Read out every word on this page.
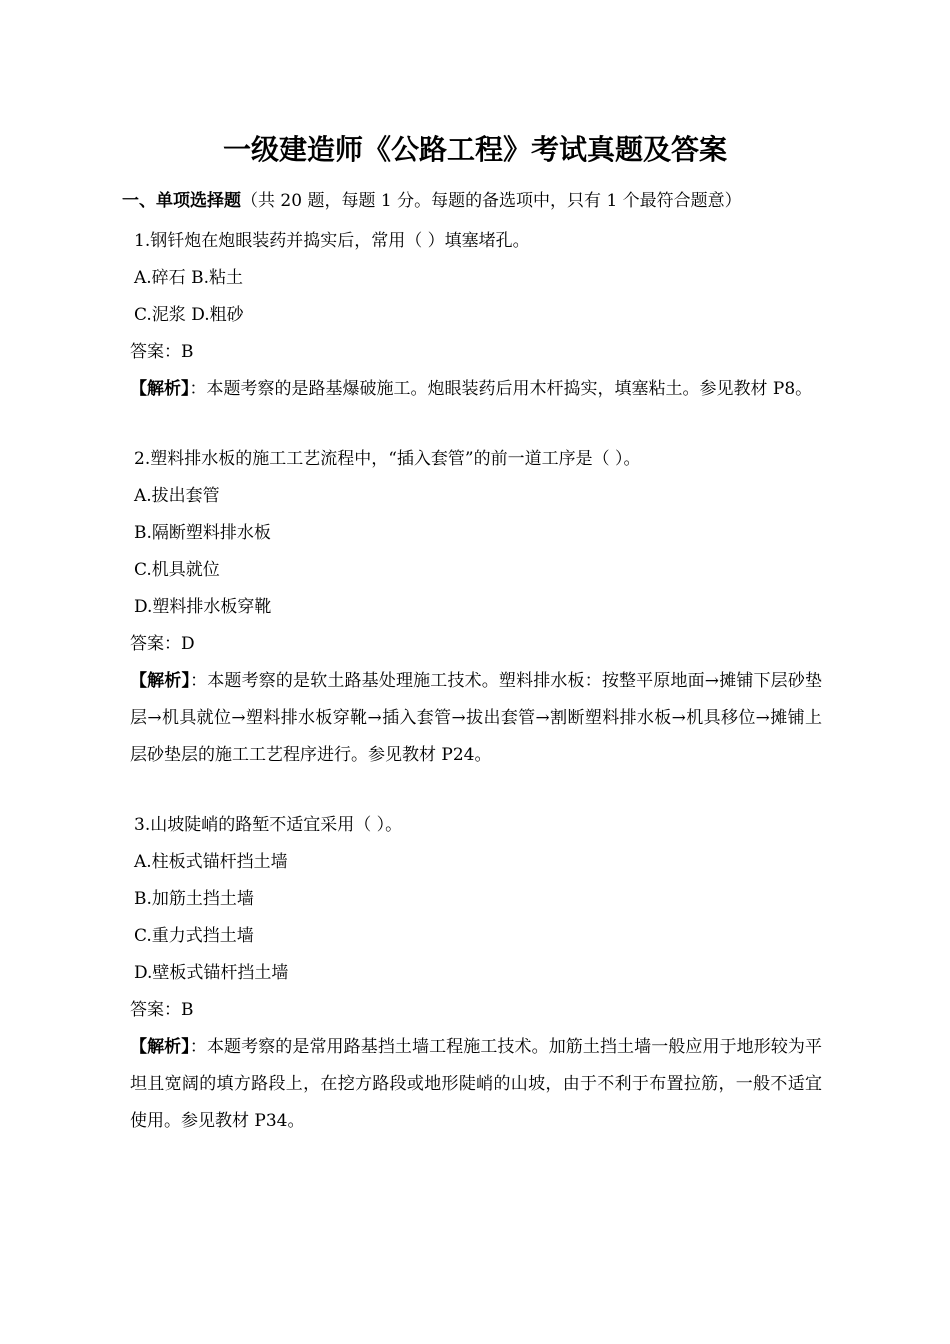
一级建造师《公路工程》考试真题及答案
一、单项选择题（共 20 题，每题 1 分。每题的备选项中，只有 1 个最符合题意）
1.钢钎炮在炮眼装药并捣实后，常用（ ）填塞堵孔。
A.碎石 B.粘土
C.泥浆 D.粗砂
答案：B
【解析】：本题考察的是路基爆破施工。炮眼装药后用木杆捣实，填塞粘土。参见教材 P8。
2.塑料排水板的施工工艺流程中，“插入套管”的前一道工序是（ ）。
A.拔出套管
B.隔断塑料排水板
C.机具就位
D.塑料排水板穿靴
答案：D
【解析】：本题考察的是软土路基处理施工技术。塑料排水板：按整平原地面→摊铺下层砂垫层→机具就位→塑料排水板穿靴→插入套管→拔出套管→割断塑料排水板→机具移位→摊铺上层砂垫层的施工工艺程序进行。参见教材 P24。
3.山坡陡峭的路堑不适宜采用（ ）。
A.柱板式锚杆挡土墙
B.加筋土挡土墙
C.重力式挡土墙
D.壁板式锚杆挡土墙
答案：B
【解析】：本题考察的是常用路基挡土墙工程施工技术。加筋土挡土墙一般应用于地形较为平坦且宽阔的填方路段上，在挖方路段或地形陡峭的山坡，由于不利于布置拉筋，一般不适宜使用。参见教材 P34。
